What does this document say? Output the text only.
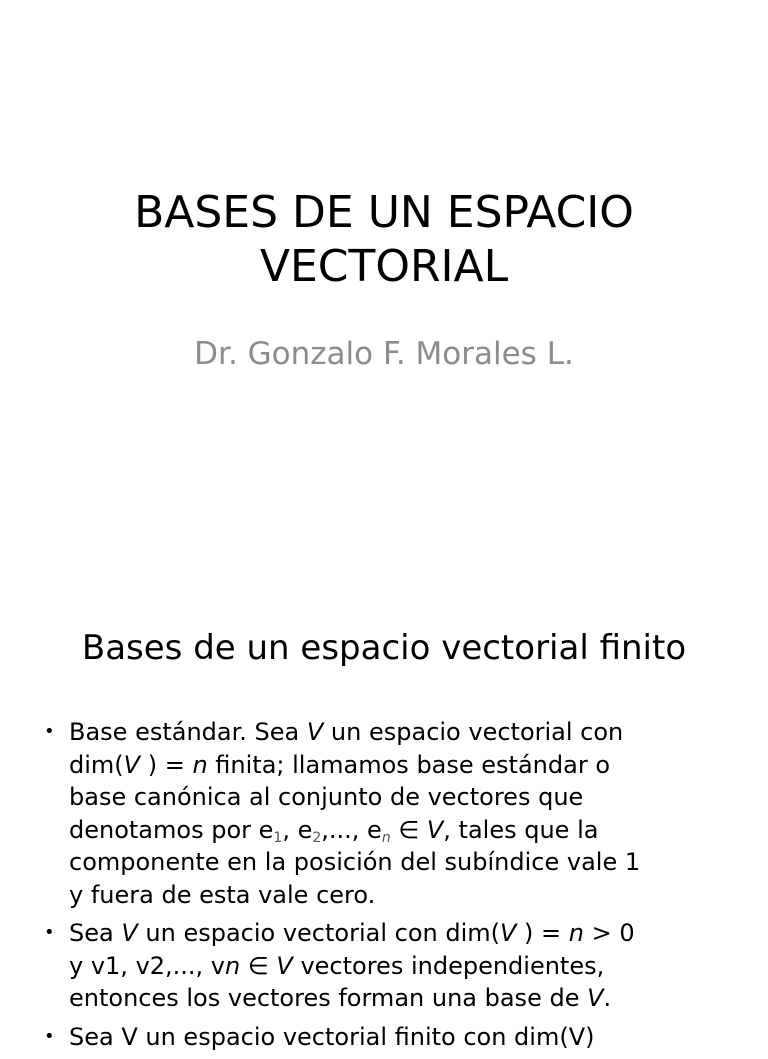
BASES DE UN ESPACIO
VECTORIAL

Dr. Gonzalo F. Morales L.

Bases de un espacio vectorial finito
• Base estándar. Sea V un espacio vectorial con
dim(V ) = n finita; llamamos base estándar o
base canónica al conjunto de vectores que
denotamos por $e_1$, $e_2$,..., $e_n$ ∈ V, tales que la
componente en la posición del subíndice vale 1
y fuera de esta vale cero.
• Sea V un espacio vectorial con dim(V ) = n > 0
y v1, v2,..., vn ∈ V vectores independientes,
entonces los vectores forman una base de V.
• Sea V un espacio vectorial finito con dim(V)
